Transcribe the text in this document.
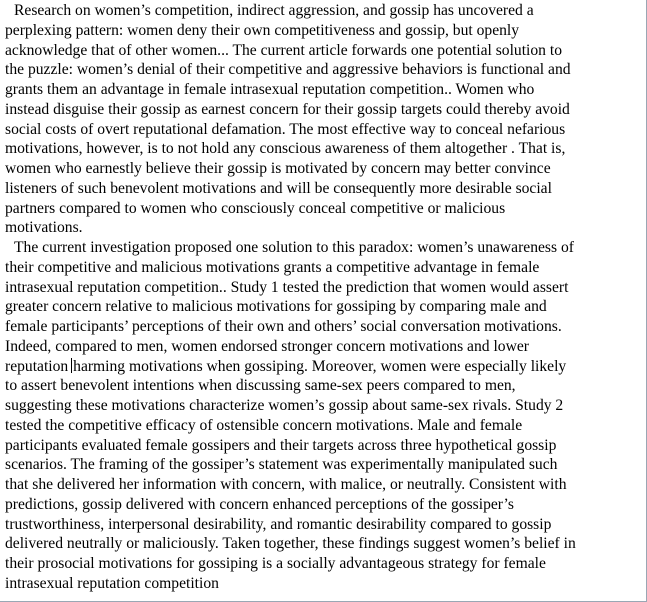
Research on women’s competition, indirect aggression, and gossip has uncovered a
perplexing pattern: women deny their own competitiveness and gossip, but openly
acknowledge that of other women... The current article forwards one potential solution to
the puzzle: women’s denial of their competitive and aggressive behaviors is functional and
grants them an advantage in female intrasexual reputation competition.. Women who
instead disguise their gossip as earnest concern for their gossip targets could thereby avoid
social costs of overt reputational defamation. The most effective way to conceal nefarious
motivations, however, is to not hold any conscious awareness of them altogether . That is,
women who earnestly believe their gossip is motivated by concern may better convince
listeners of such benevolent motivations and will be consequently more desirable social
partners compared to women who consciously conceal competitive or malicious
motivations.

The current investigation proposed one solution to this paradox: women’s unawareness of
their competitive and malicious motivations grants a competitive advantage in female
intrasexual reputation competition.. Study 1 tested the prediction that women would assert
greater concern relative to malicious motivations for gossiping by comparing male and
female participants’ perceptions of their own and others’ social conversation motivations.
Indeed, compared to men, women endorsed stronger concern motivations and lower
reputation harming motivations when gossiping. Moreover, women were especially likely
to assert benevolent intentions when discussing same-sex peers compared to men,
suggesting these motivations characterize women’s gossip about same-sex rivals. Study 2
tested the competitive efficacy of ostensible concern motivations. Male and female
participants evaluated female gossipers and their targets across three hypothetical gossip
scenarios. The framing of the gossiper’s statement was experimentally manipulated such
that she delivered her information with concern, with malice, or neutrally. Consistent with
predictions, gossip delivered with concern enhanced perceptions of the gossiper’s
trustworthiness, interpersonal desirability, and romantic desirability compared to gossip
delivered neutrally or maliciously. Taken together, these findings suggest women’s belief in
their prosocial motivations for gossiping is a socially advantageous strategy for female
intrasexual reputation competition
